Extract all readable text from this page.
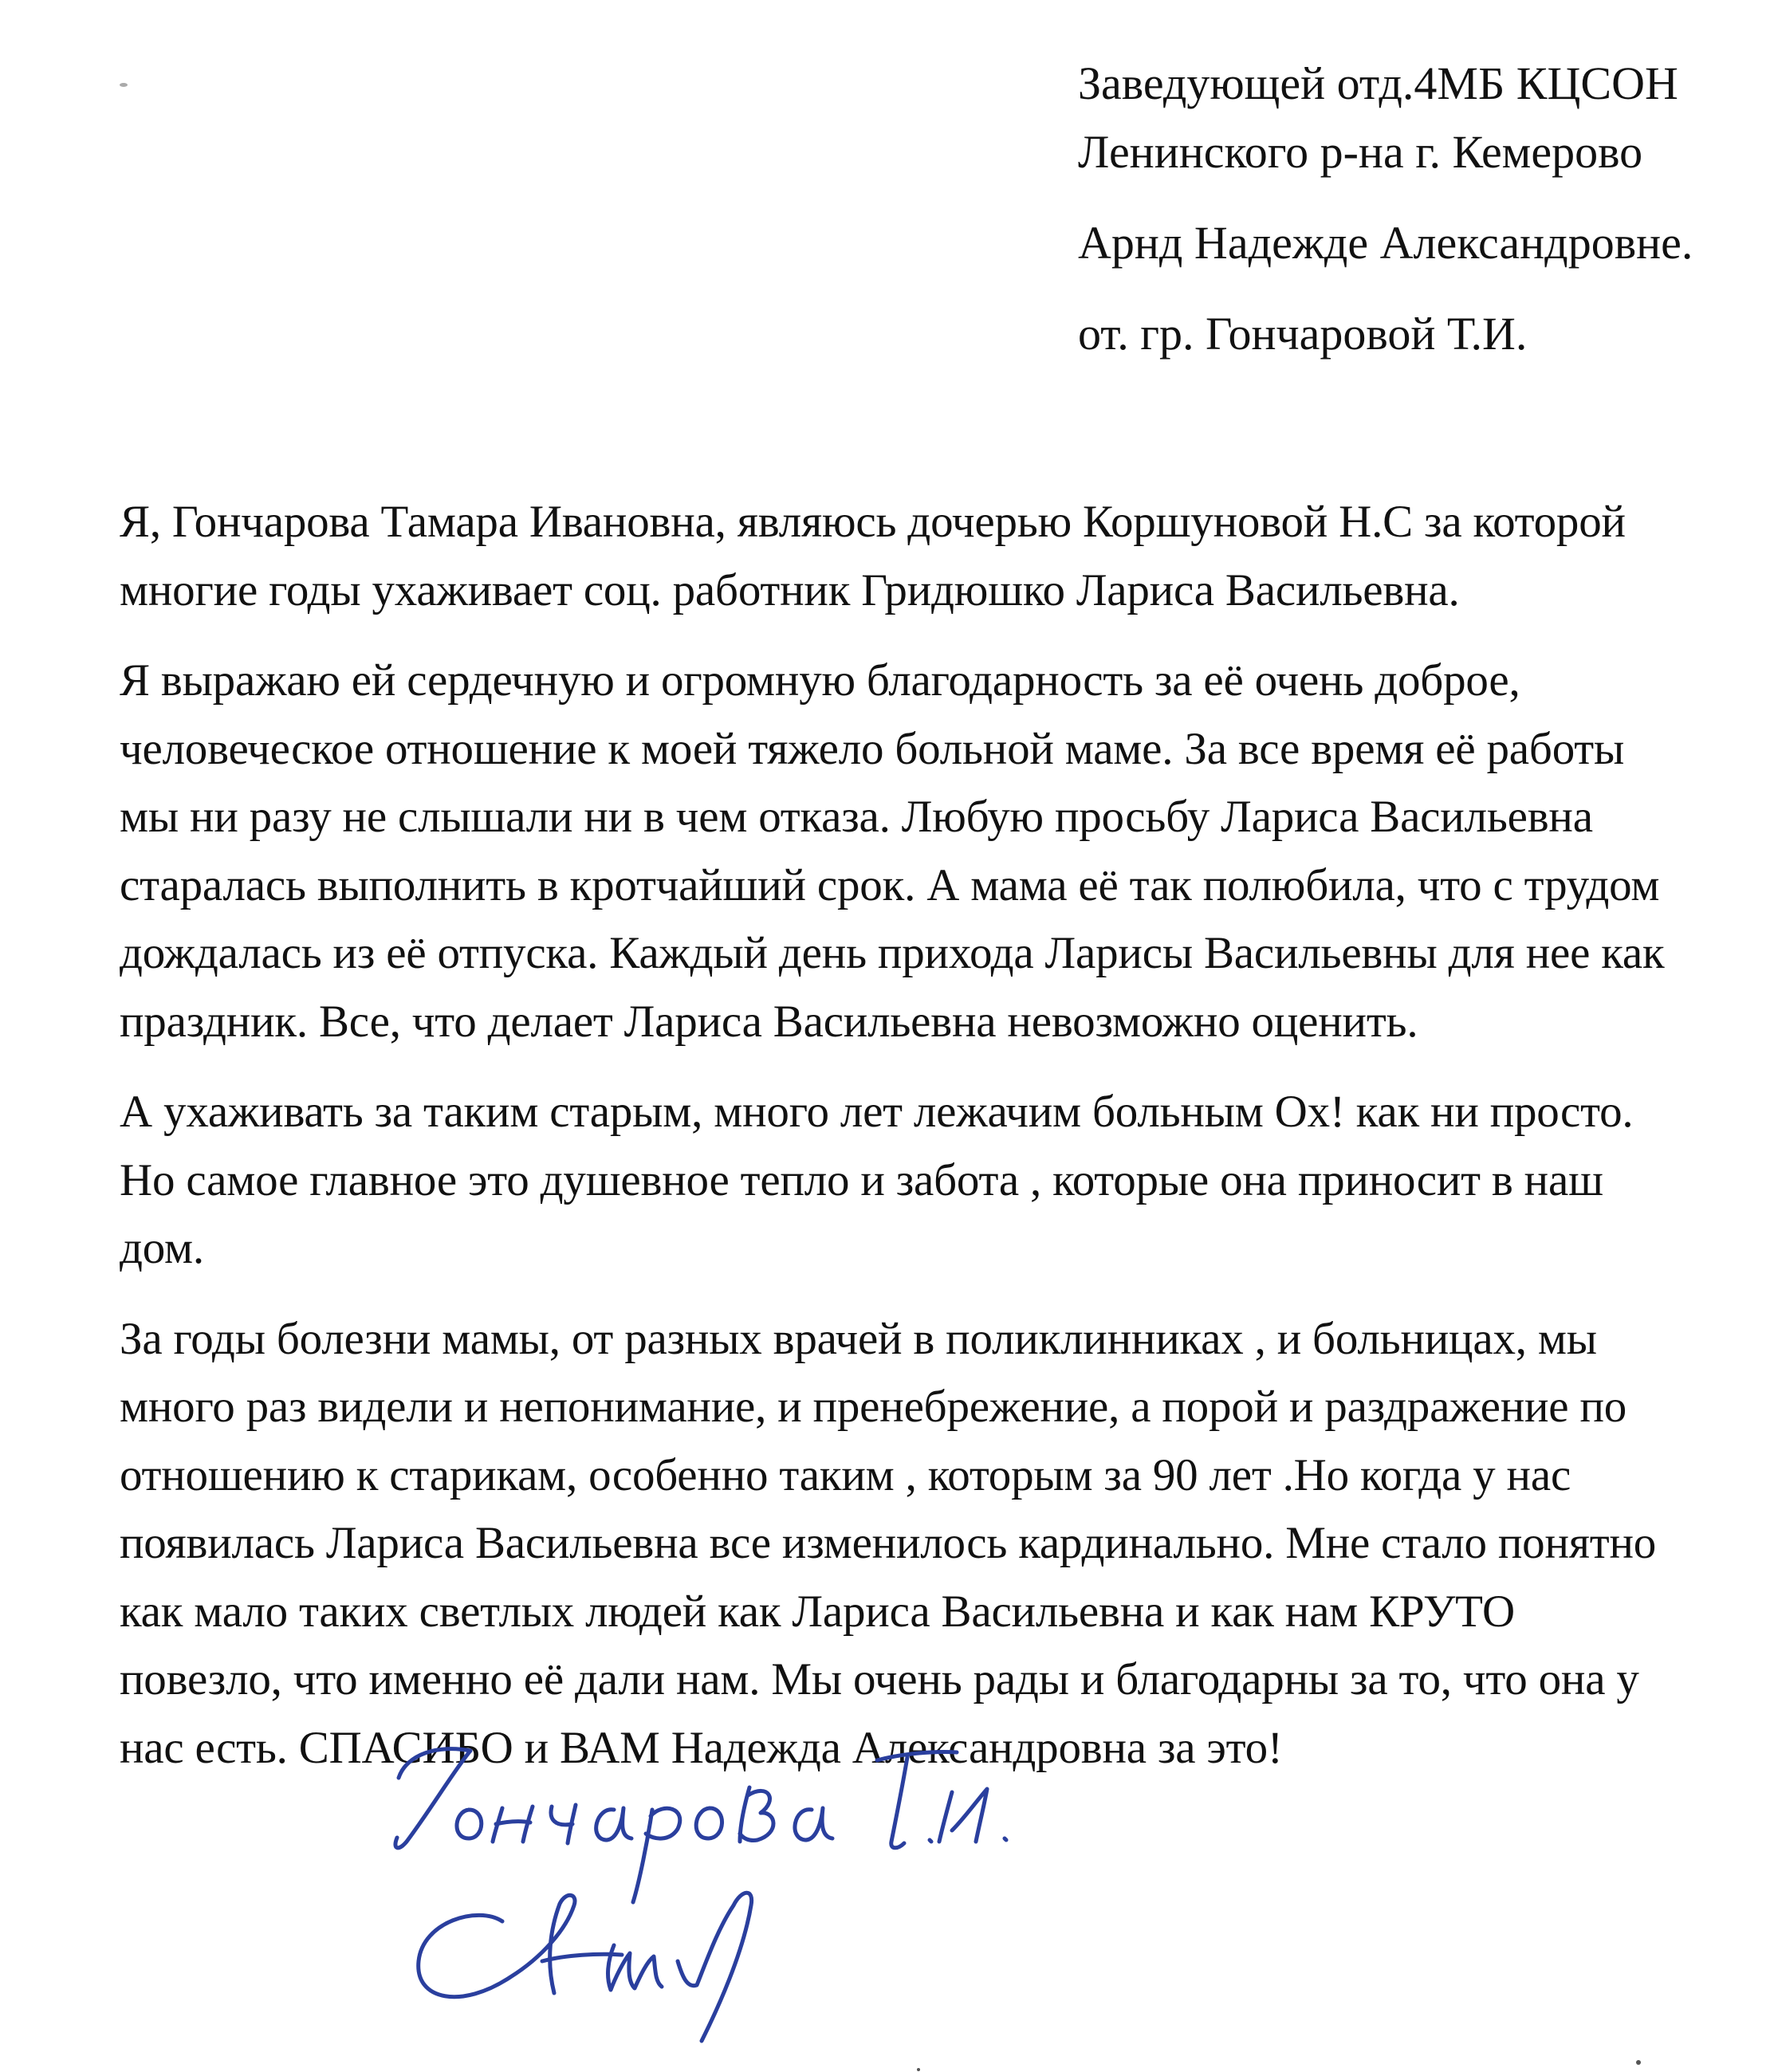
Заведующей отд.4МБ КЦСОН
Ленинского р-на г. Кемерово
Арнд Надежде Александровне.
от. гр. Гончаровой Т.И.

Я, Гончарова Тамара Ивановна, являюсь дочерью Коршуновой Н.С за которой
многие годы ухаживает соц. работник Гридюшко Лариса Васильевна.

Я выражаю ей сердечную и огромную благодарность за её очень доброе,
человеческое отношение к моей тяжело больной маме. За все время её работы
мы ни разу не слышали ни в чем отказа. Любую просьбу Лариса Васильевна
старалась выполнить в кротчайший срок. А мама её так полюбила, что с трудом
дождалась из её отпуска. Каждый день прихода Ларисы Васильевны для нее как
праздник. Все, что делает Лариса Васильевна невозможно оценить.

А ухаживать за таким старым, много лет лежачим больным Ох! как ни просто.
Но самое главное это душевное тепло и забота , которые она приносит в наш
дом.

За годы болезни мамы, от разных врачей в поликлинниках , и больницах, мы
много раз видели и непонимание, и пренебрежение, а порой и раздражение по
отношению к старикам, особенно таким , которым за 90 лет .Но когда у нас
появилась Лариса Васильевна все изменилось кардинально. Мне стало понятно
как мало таких светлых людей как Лариса Васильевна и как нам КРУТО
повезло, что именно её дали нам. Мы очень рады и благодарны за то, что она у
нас есть. СПАСИБО и ВАМ Надежда Александровна за это!
